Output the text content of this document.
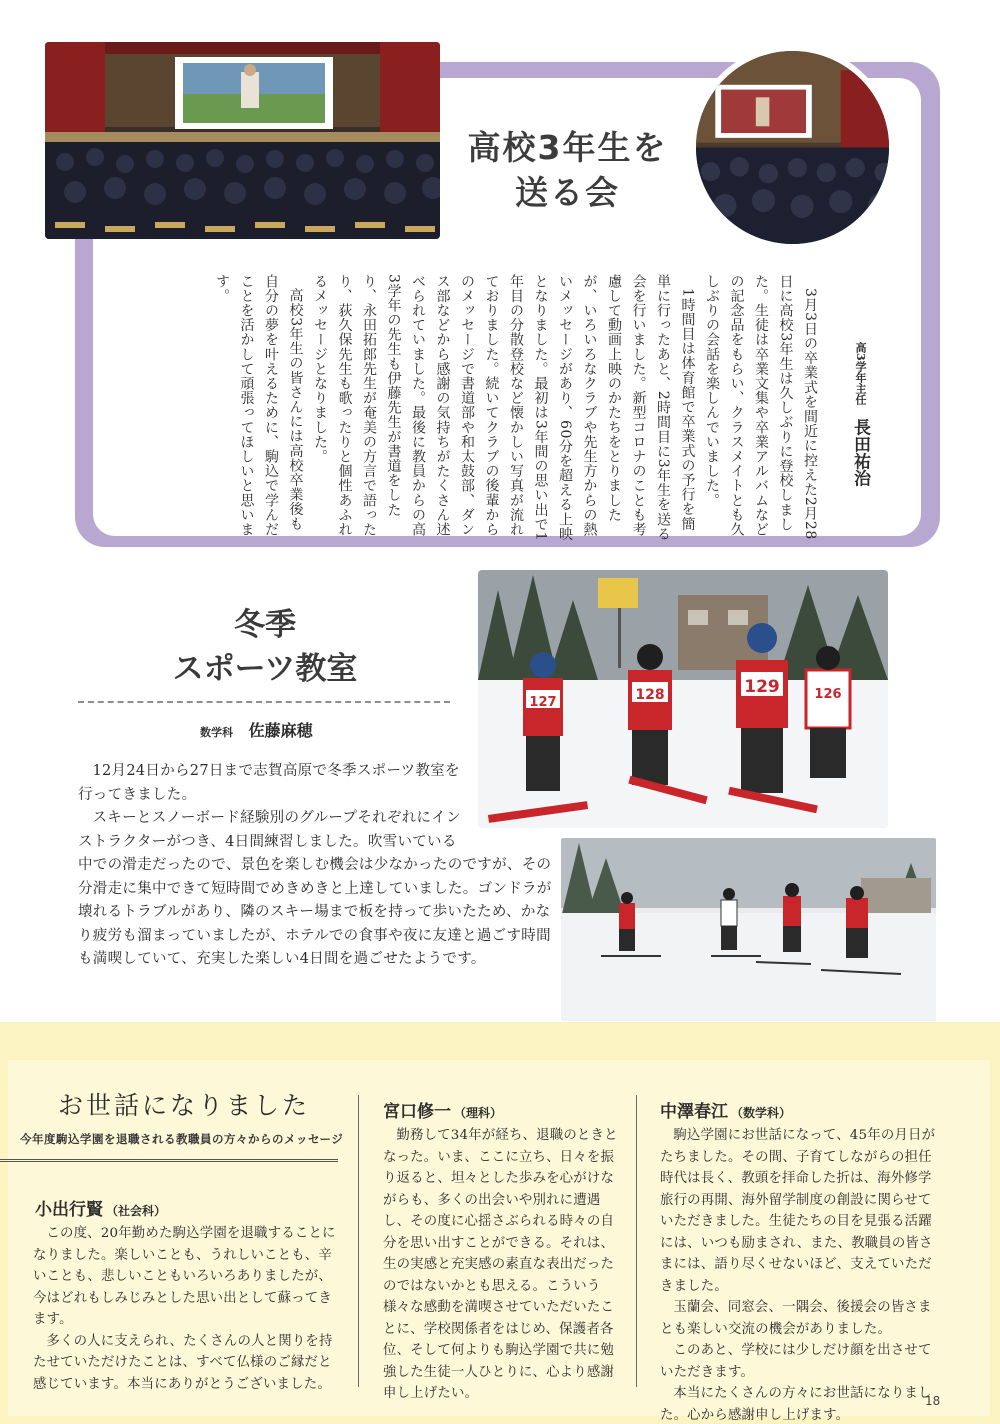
高校3年生を
送る会
高3学年主任 長田祐治

3月3日の卒業式を間近に控えた2月28日に高校3年生は久しぶりに登校しました。生徒は卒業文集や卒業アルバムなどの記念品をもらい、クラスメイトとも久しぶりの会話を楽しんでいました。

1時間目は体育館で卒業式の予行を簡単に行ったあと、2時間目に3年生を送る会を行いました。新型コロナのことも考慮して動画上映のかたちをとりましたが、いろいろなクラブや先生方からの熱いメッセージがあり、60分を超える上映となりました。最初は3年間の思い出で1年目の分散登校など懐かしい写真が流れておりました。続いてクラブの後輩からのメッセージで書道部や和太鼓部、ダンス部などから感謝の気持ちがたくさん述べられていました。最後に教員からの高3学年の先生も伊藤先生が書道をしたり、永田拓郎先生が奄美の方言で語ったり、荻久保先生も歌ったりと個性あふれるメッセージとなりました。

高校3年生の皆さんには高校卒業後も自分の夢を叶えるために、駒込で学んだことを活かして頑張ってほしいと思います。

冬季
スポーツ教室
数学科 佐藤麻穂
127	128	129	126
12月24日から27日まで志賀高原で冬季スポーツ教室を行ってきました。
スキーとスノーボード経験別のグループそれぞれにインストラクターがつき、4日間練習しました。吹雪いている
中での滑走だったので、景色を楽しむ機会は少なかったのですが、その分滑走に集中できて短時間でめきめきと上達していました。ゴンドラが壊れるトラブルがあり、隣のスキー場まで板を持って歩いたため、かなり疲労も溜まっていましたが、ホテルでの食事や夜に友達と過ごす時間も満喫していて、充実した楽しい4日間を過ごせたようです。
お世話になりました
今年度駒込学園を退職される教職員の方々からのメッセージ
小出行賢 （社会科）
この度、20年勤めた駒込学園を退職することになりました。楽しいことも、うれしいことも、辛いことも、悲しいこともいろいろありましたが、今はどれもしみじみとした思い出として蘇ってきます。
多くの人に支えられ、たくさんの人と関りを持たせていただけたことは、すべて仏様のご縁だと感じています。本当にありがとうございました。
宮口修一 （理科）
勤務して34年が経ち、退職のときとなった。いま、ここに立ち、日々を振り返ると、坦々とした歩みを心がけながらも、多くの出会いや別れに遭遇し、その度に心揺さぶられる時々の自分を思い出すことができる。それは、生の実感と充実感の素直な表出だったのではないかとも思える。こういう様々な感動を満喫させていただいたことに、学校関係者をはじめ、保護者各位、そして何よりも駒込学園で共に勉強した生徒一人ひとりに、心より感謝申し上げたい。
中澤春江 （数学科）
駒込学園にお世話になって、45年の月日がたちました。その間、子育てしながらの担任時代は長く、教頭を拝命した折は、海外修学旅行の再開、海外留学制度の創設に関らせていただきました。生徒たちの目を見張る活躍には、いつも励まされ、また、教職員の皆さまには、語り尽くせないほど、支えていただきました。
玉蘭会、同窓会、一隅会、後援会の皆さまとも楽しい交流の機会がありました。
このあと、学校には少しだけ顔を出させていただきます。
本当にたくさんの方々にお世話になりました。心から感謝申し上げます。
18
